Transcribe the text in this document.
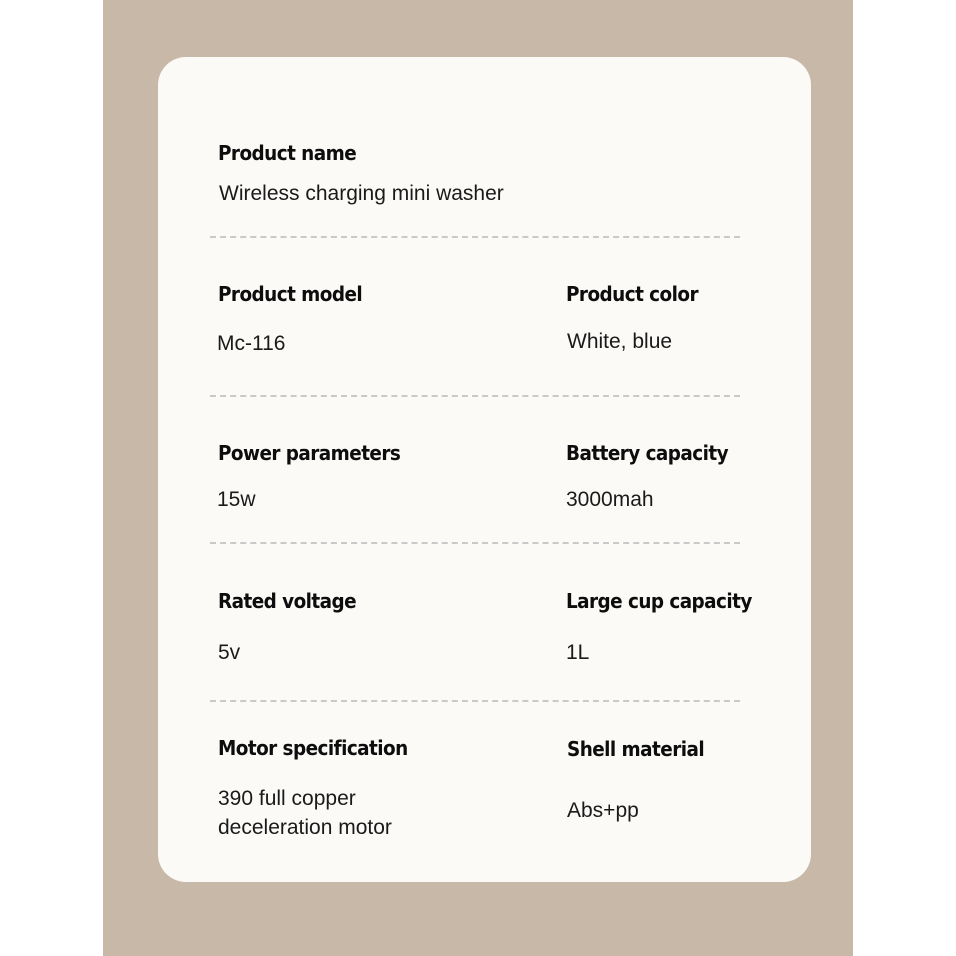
Product name
Wireless charging mini washer
Product model
Mc-116
Product color
White, blue
Power parameters
15w
Battery capacity
3000mah
Rated voltage
5v
Large cup capacity
1L
Motor specification
390 full copper
deceleration motor
Shell material
Abs+pp
